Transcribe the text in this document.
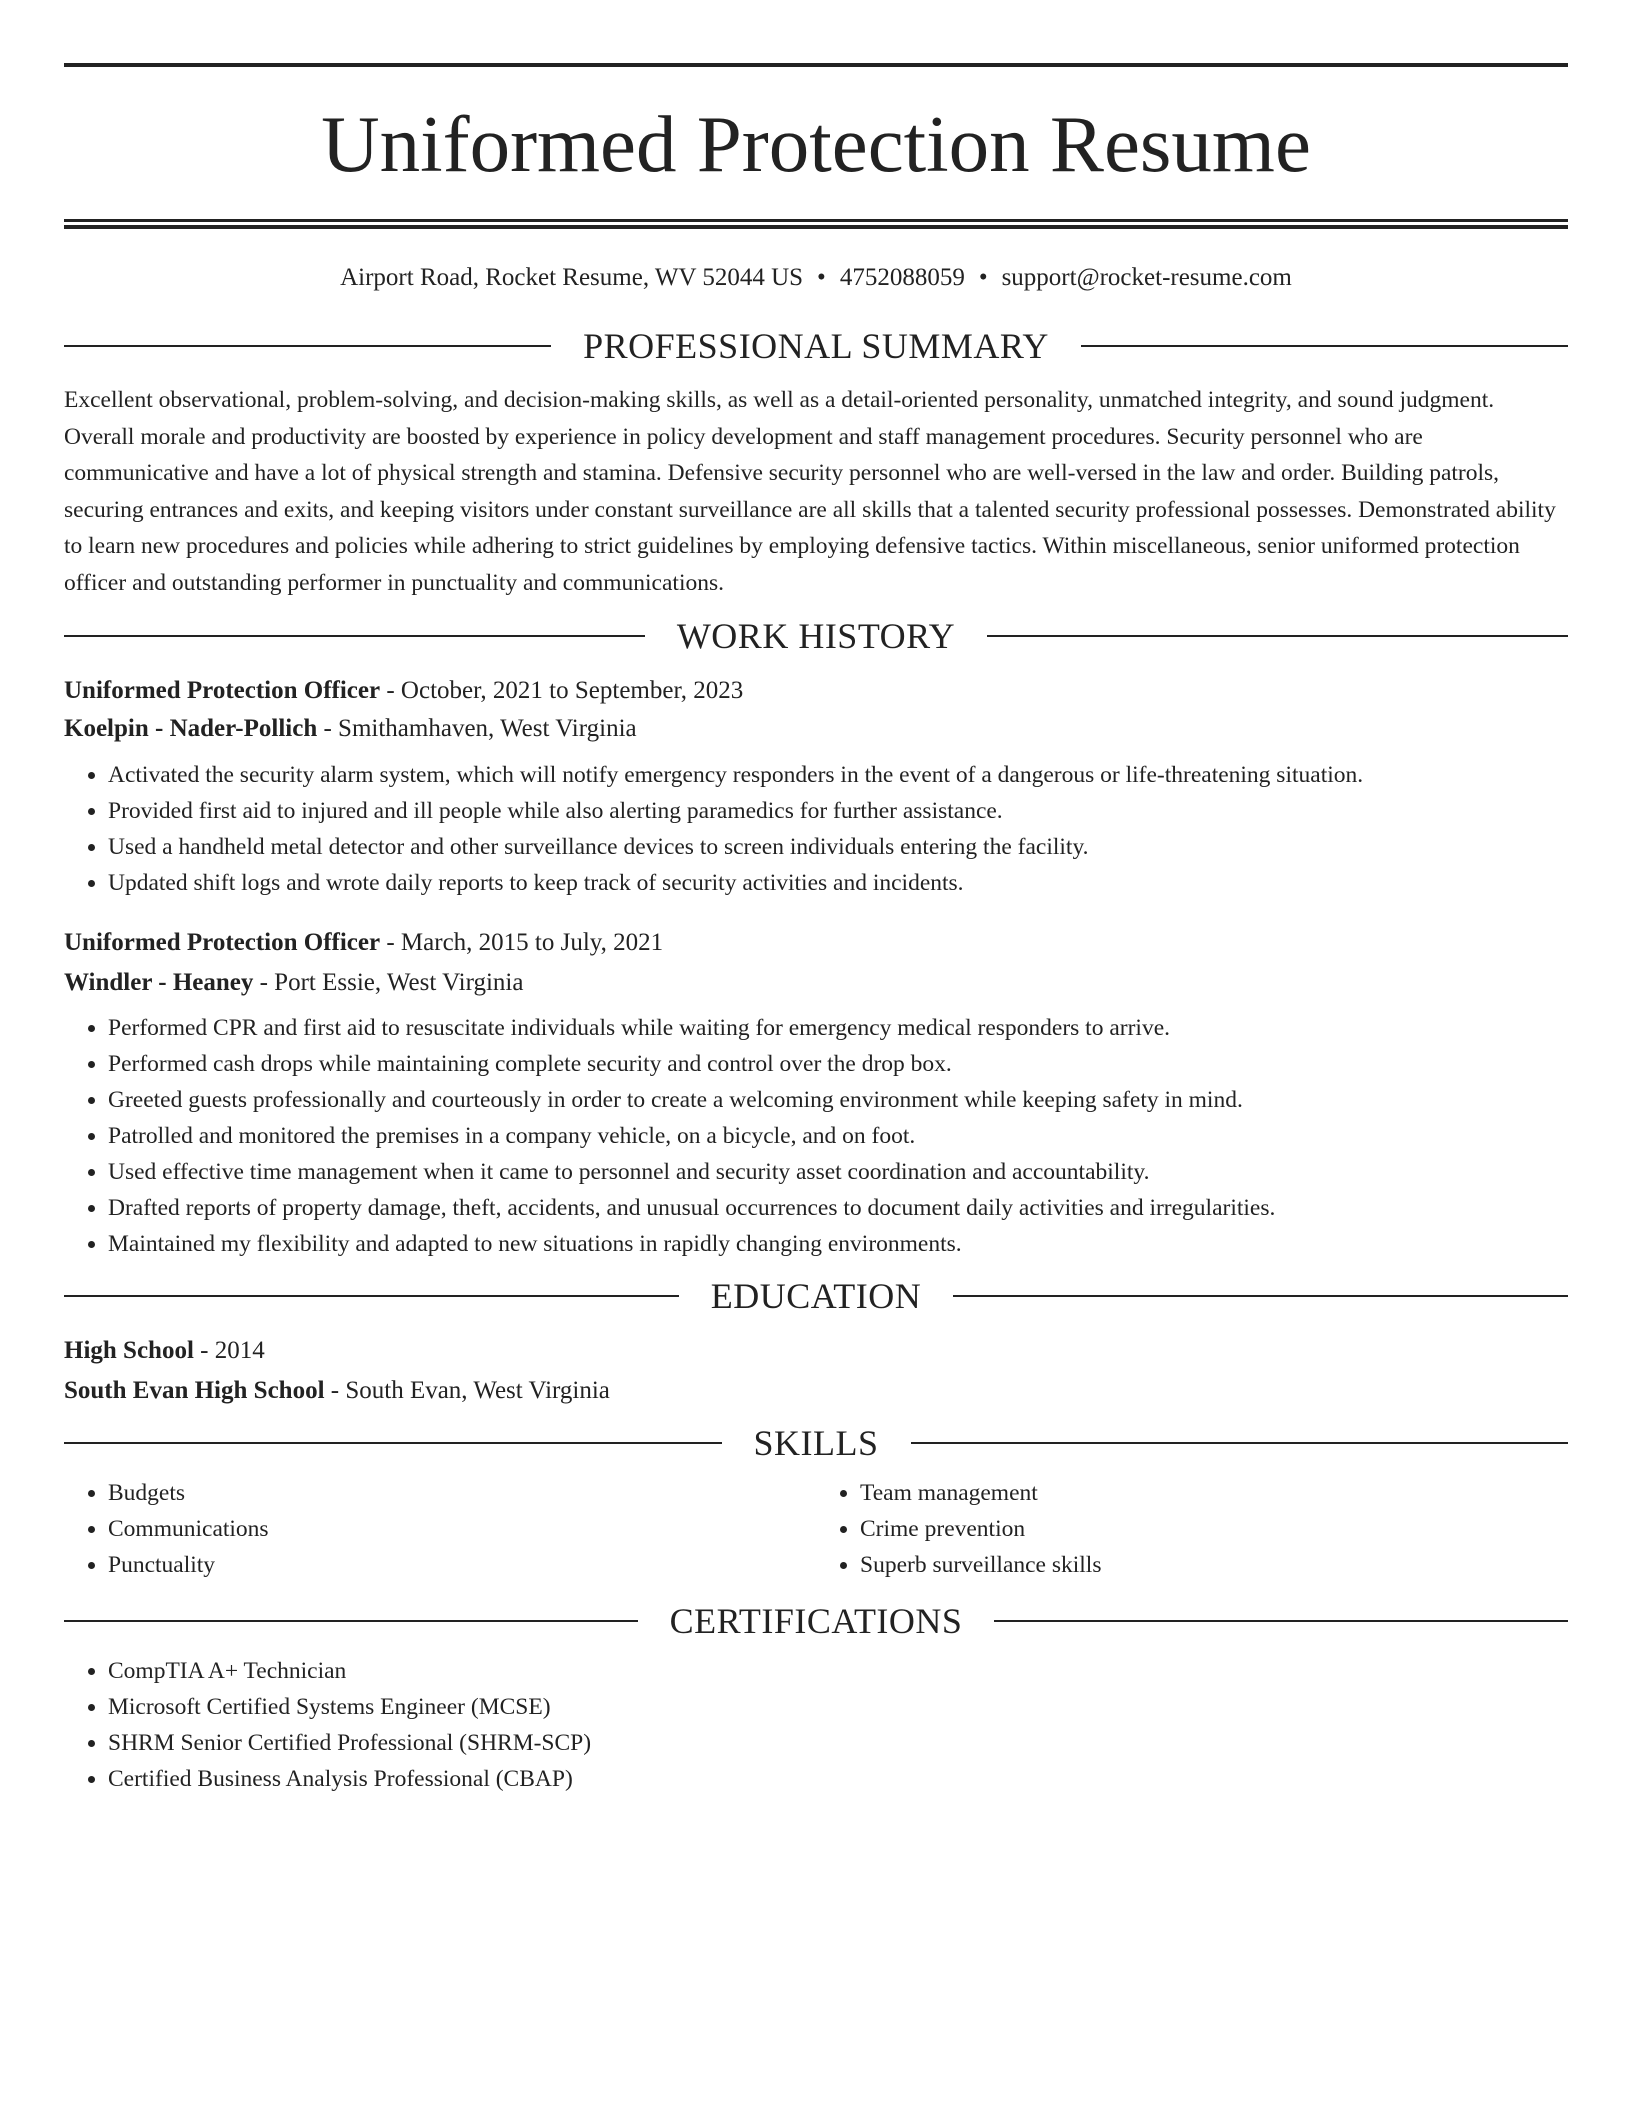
Uniformed Protection Resume
Airport Road, Rocket Resume, WV 52044 US • 4752088059 • support@rocket-resume.com
PROFESSIONAL SUMMARY

Excellent observational, problem-solving, and decision-making skills, as well as a detail-oriented personality, unmatched integrity, and sound judgment. Overall morale and productivity are boosted by experience in policy development and staff management procedures. Security personnel who are communicative and have a lot of physical strength and stamina. Defensive security personnel who are well-versed in the law and order. Building patrols, securing entrances and exits, and keeping visitors under constant surveillance are all skills that a talented security professional possesses. Demonstrated ability to learn new procedures and policies while adhering to strict guidelines by employing defensive tactics. Within miscellaneous, senior uniformed protection officer and outstanding performer in punctuality and communications.

WORK HISTORY
Uniformed Protection Officer - October, 2021 to September, 2023
Koelpin - Nader-Pollich - Smithamhaven, West Virginia
• Activated the security alarm system, which will notify emergency responders in the event of a dangerous or life-threatening situation.
• Provided first aid to injured and ill people while also alerting paramedics for further assistance.
• Used a handheld metal detector and other surveillance devices to screen individuals entering the facility.
• Updated shift logs and wrote daily reports to keep track of security activities and incidents.
Uniformed Protection Officer - March, 2015 to July, 2021
Windler - Heaney - Port Essie, West Virginia
• Performed CPR and first aid to resuscitate individuals while waiting for emergency medical responders to arrive.
• Performed cash drops while maintaining complete security and control over the drop box.
• Greeted guests professionally and courteously in order to create a welcoming environment while keeping safety in mind.
• Patrolled and monitored the premises in a company vehicle, on a bicycle, and on foot.
• Used effective time management when it came to personnel and security asset coordination and accountability.
• Drafted reports of property damage, theft, accidents, and unusual occurrences to document daily activities and irregularities.
• Maintained my flexibility and adapted to new situations in rapidly changing environments.
EDUCATION
High School - 2014
South Evan High School - South Evan, West Virginia
SKILLS
• Budgets
• Communications
• Punctuality
• Team management
• Crime prevention
• Superb surveillance skills
CERTIFICATIONS
• CompTIA A+ Technician
• Microsoft Certified Systems Engineer (MCSE)
• SHRM Senior Certified Professional (SHRM-SCP)
• Certified Business Analysis Professional (CBAP)
